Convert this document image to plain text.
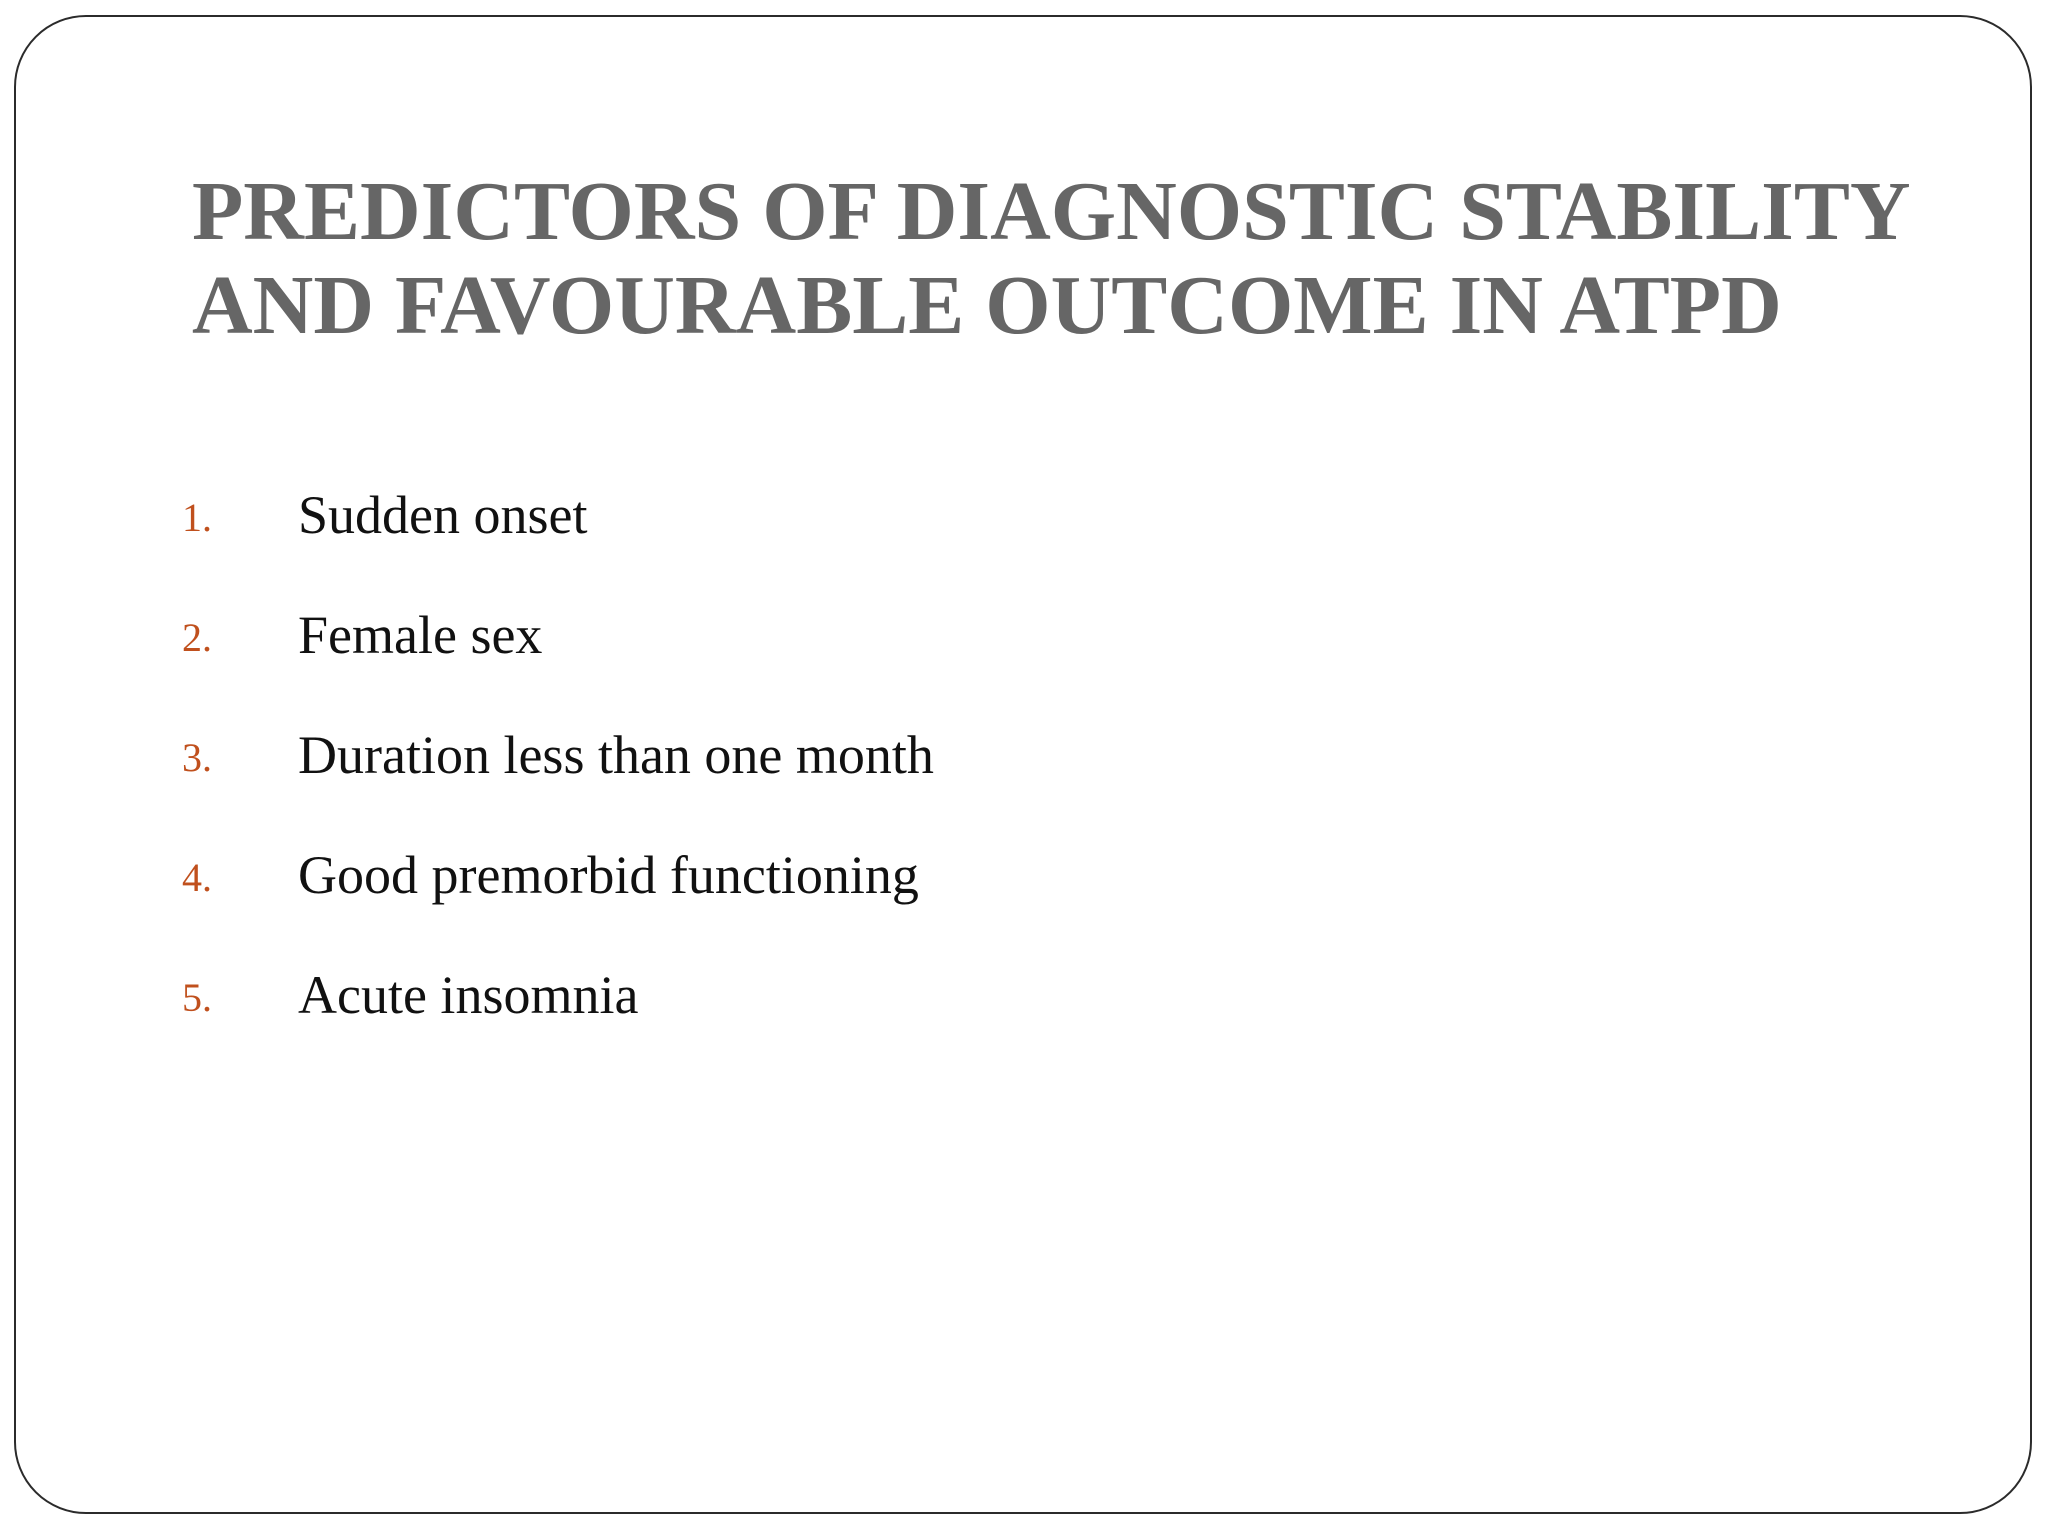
PREDICTORS OF DIAGNOSTIC STABILITY
AND FAVOURABLE OUTCOME IN ATPD
1. Sudden onset
2. Female sex
3. Duration less than one month
4. Good premorbid functioning
5. Acute insomnia
